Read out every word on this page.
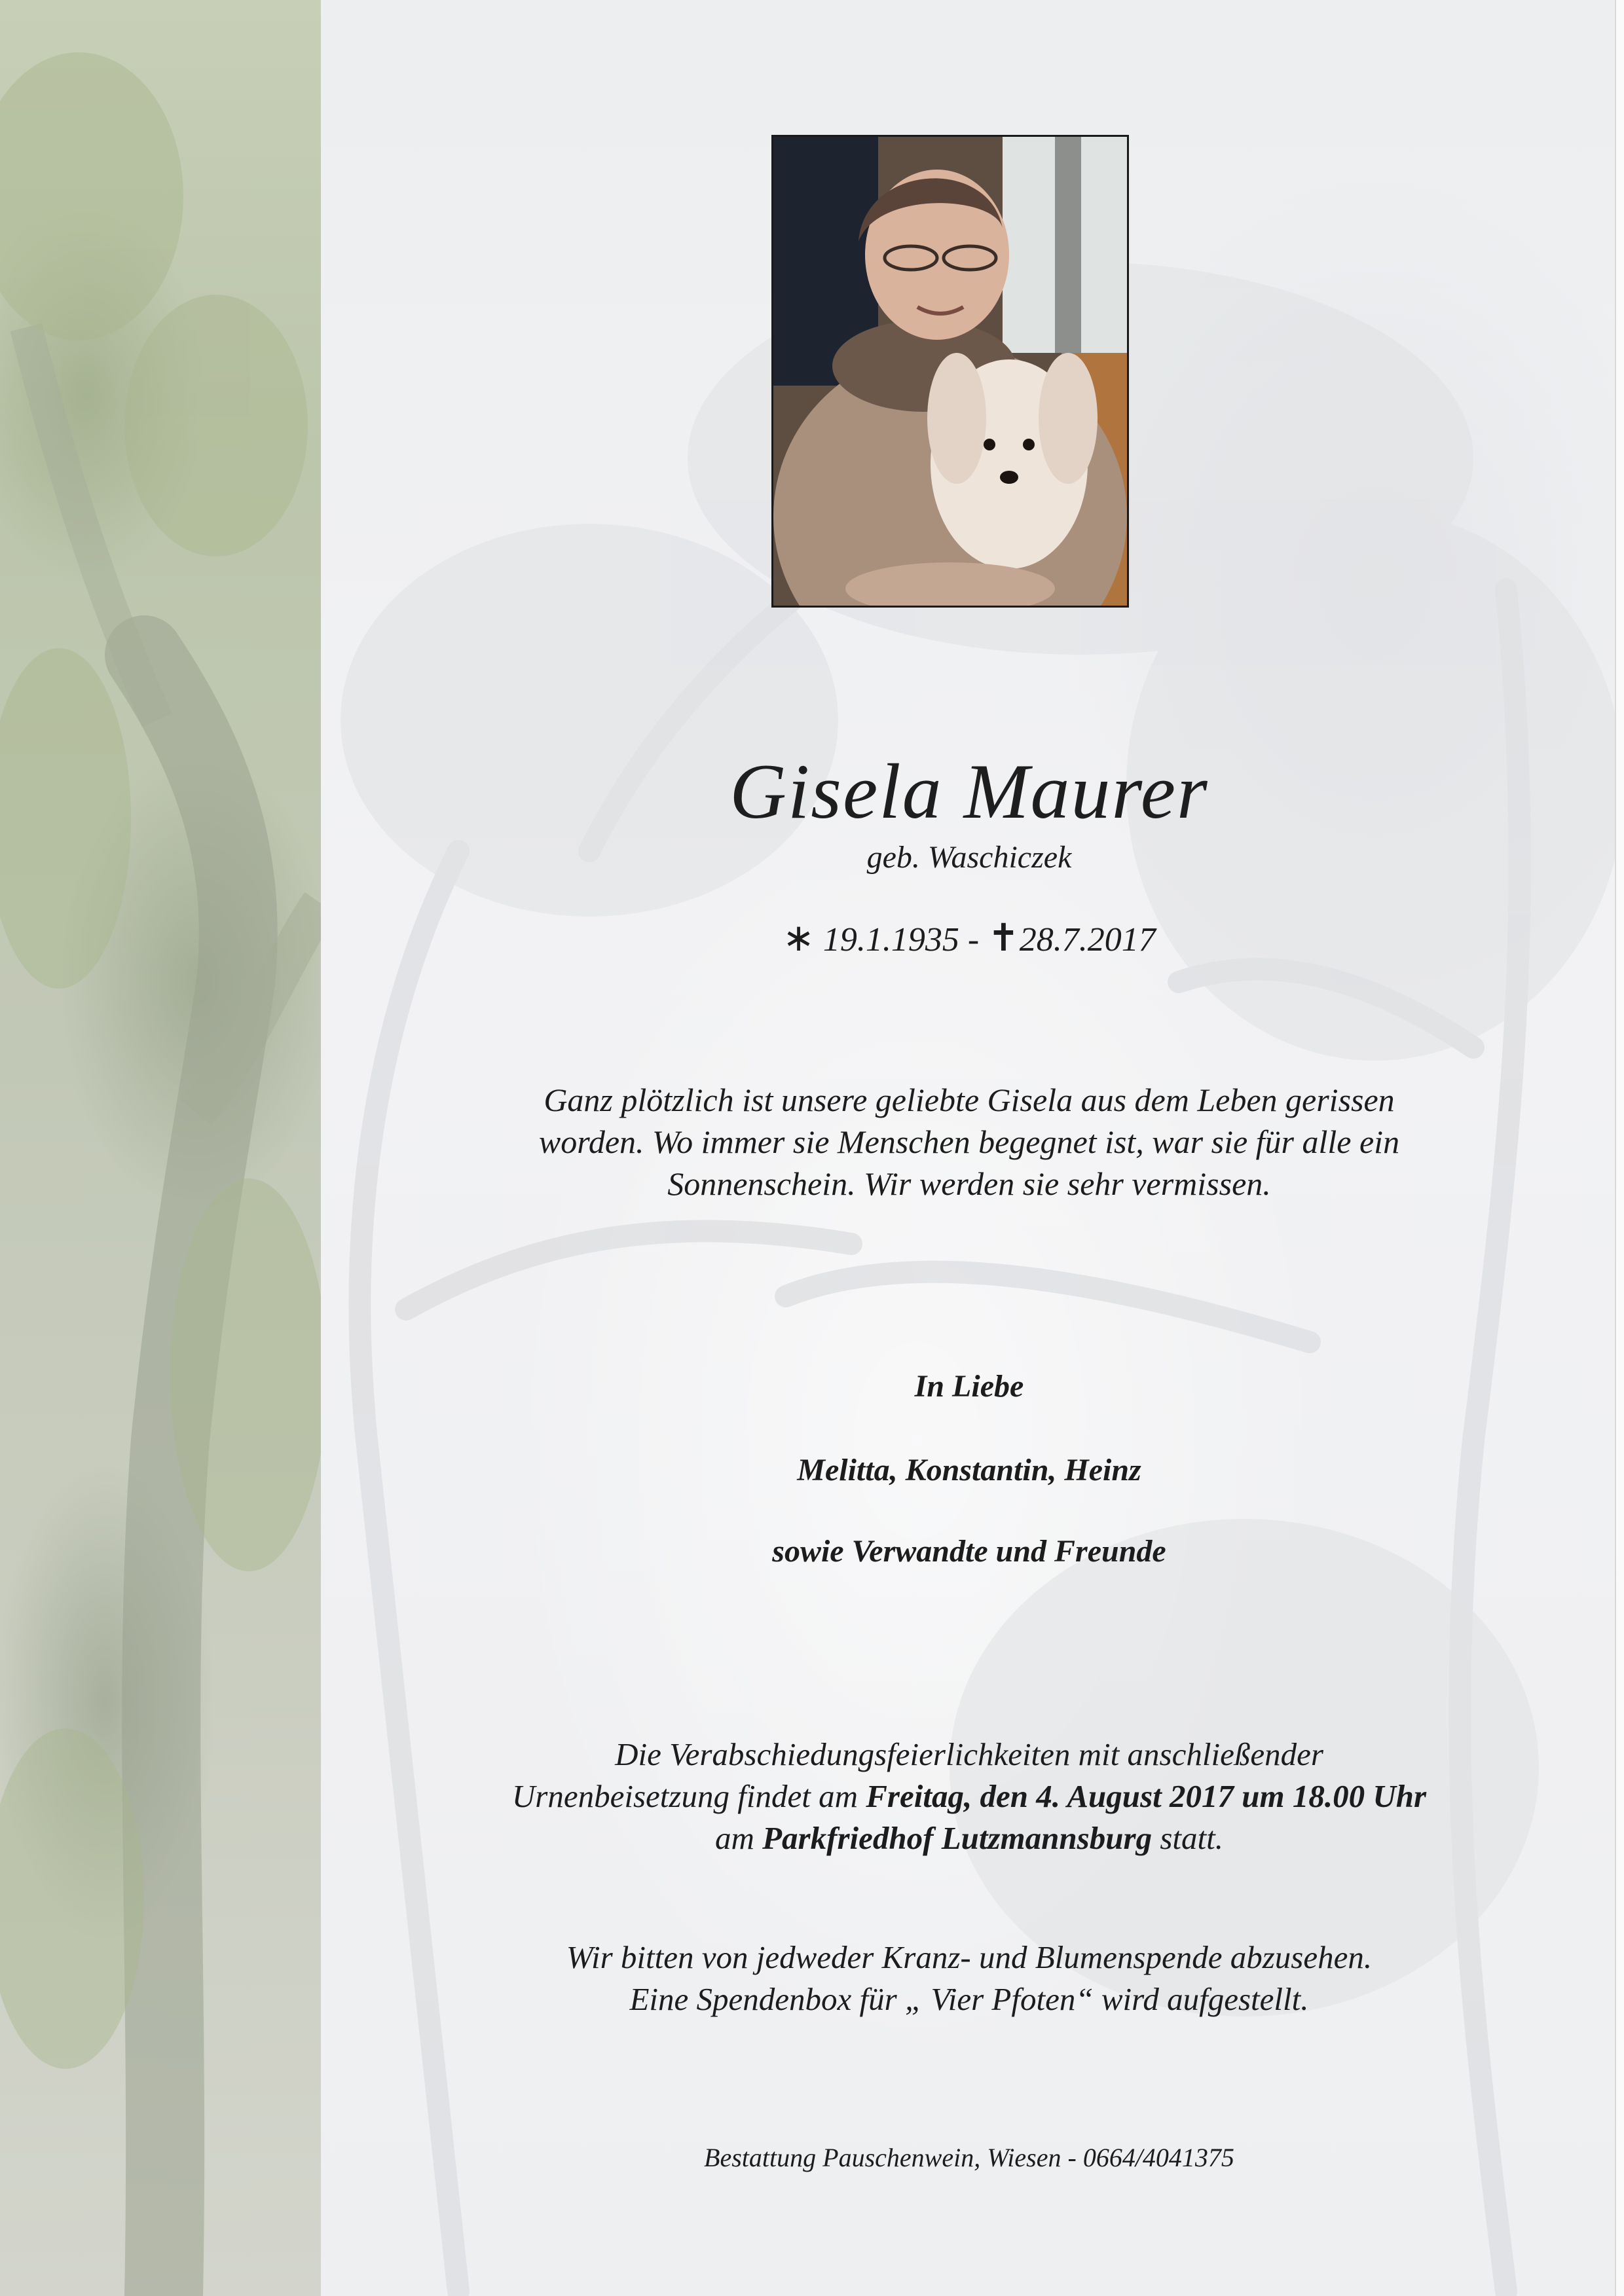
Gisela Maurer
geb. Waschiczek
∗ 19.1.1935 - ✝28.7.2017
Ganz plötzlich ist unsere geliebte Gisela aus dem Leben gerissen
worden. Wo immer sie Menschen begegnet ist, war sie für alle ein
Sonnenschein. Wir werden sie sehr vermissen.
In Liebe
Melitta, Konstantin, Heinz
sowie Verwandte und Freunde
Die Verabschiedungsfeierlichkeiten mit anschließender
Urnenbeisetzung findet am Freitag, den 4. August 2017 um 18.00 Uhr
am Parkfriedhof Lutzmannsburg statt.
Wir bitten von jedweder Kranz- und Blumenspende abzusehen.
Eine Spendenbox für „ Vier Pfoten“ wird aufgestellt.
Bestattung Pauschenwein, Wiesen - 0664/4041375
